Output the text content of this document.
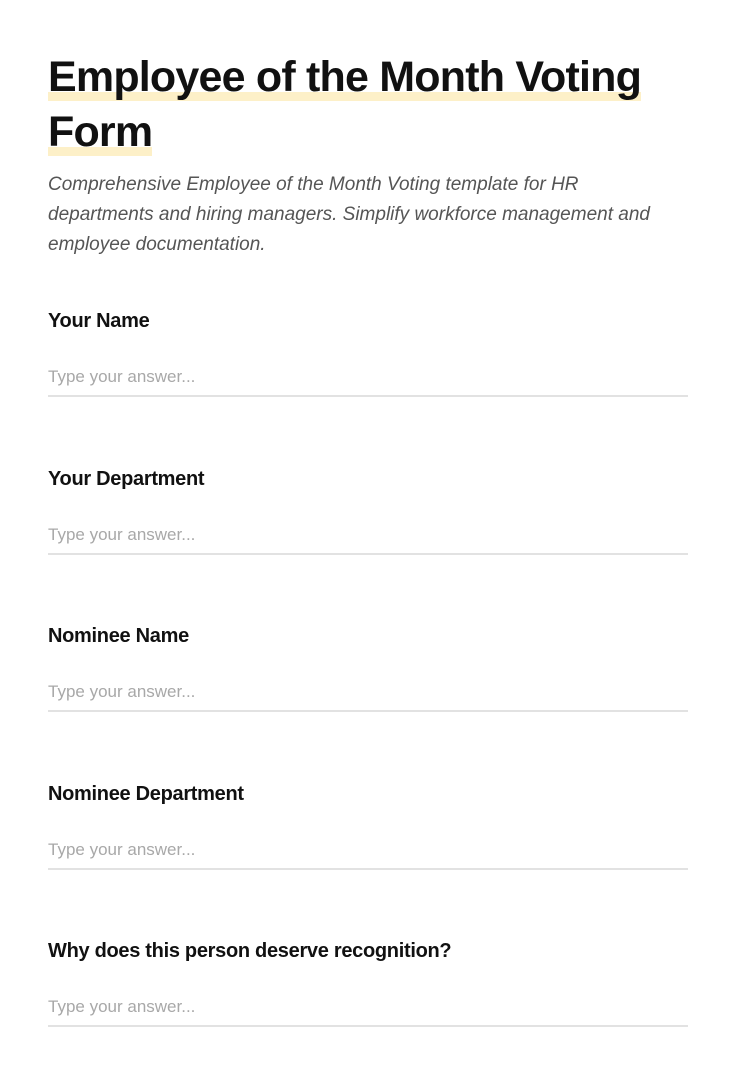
Employee of the Month Voting Form

Comprehensive Employee of the Month Voting template for HR departments and hiring managers. Simplify workforce management and employee documentation.

Your Name
Type your answer...
Your Department
Type your answer...
Nominee Name
Type your answer...
Nominee Department
Type your answer...
Why does this person deserve recognition?
Type your answer...
